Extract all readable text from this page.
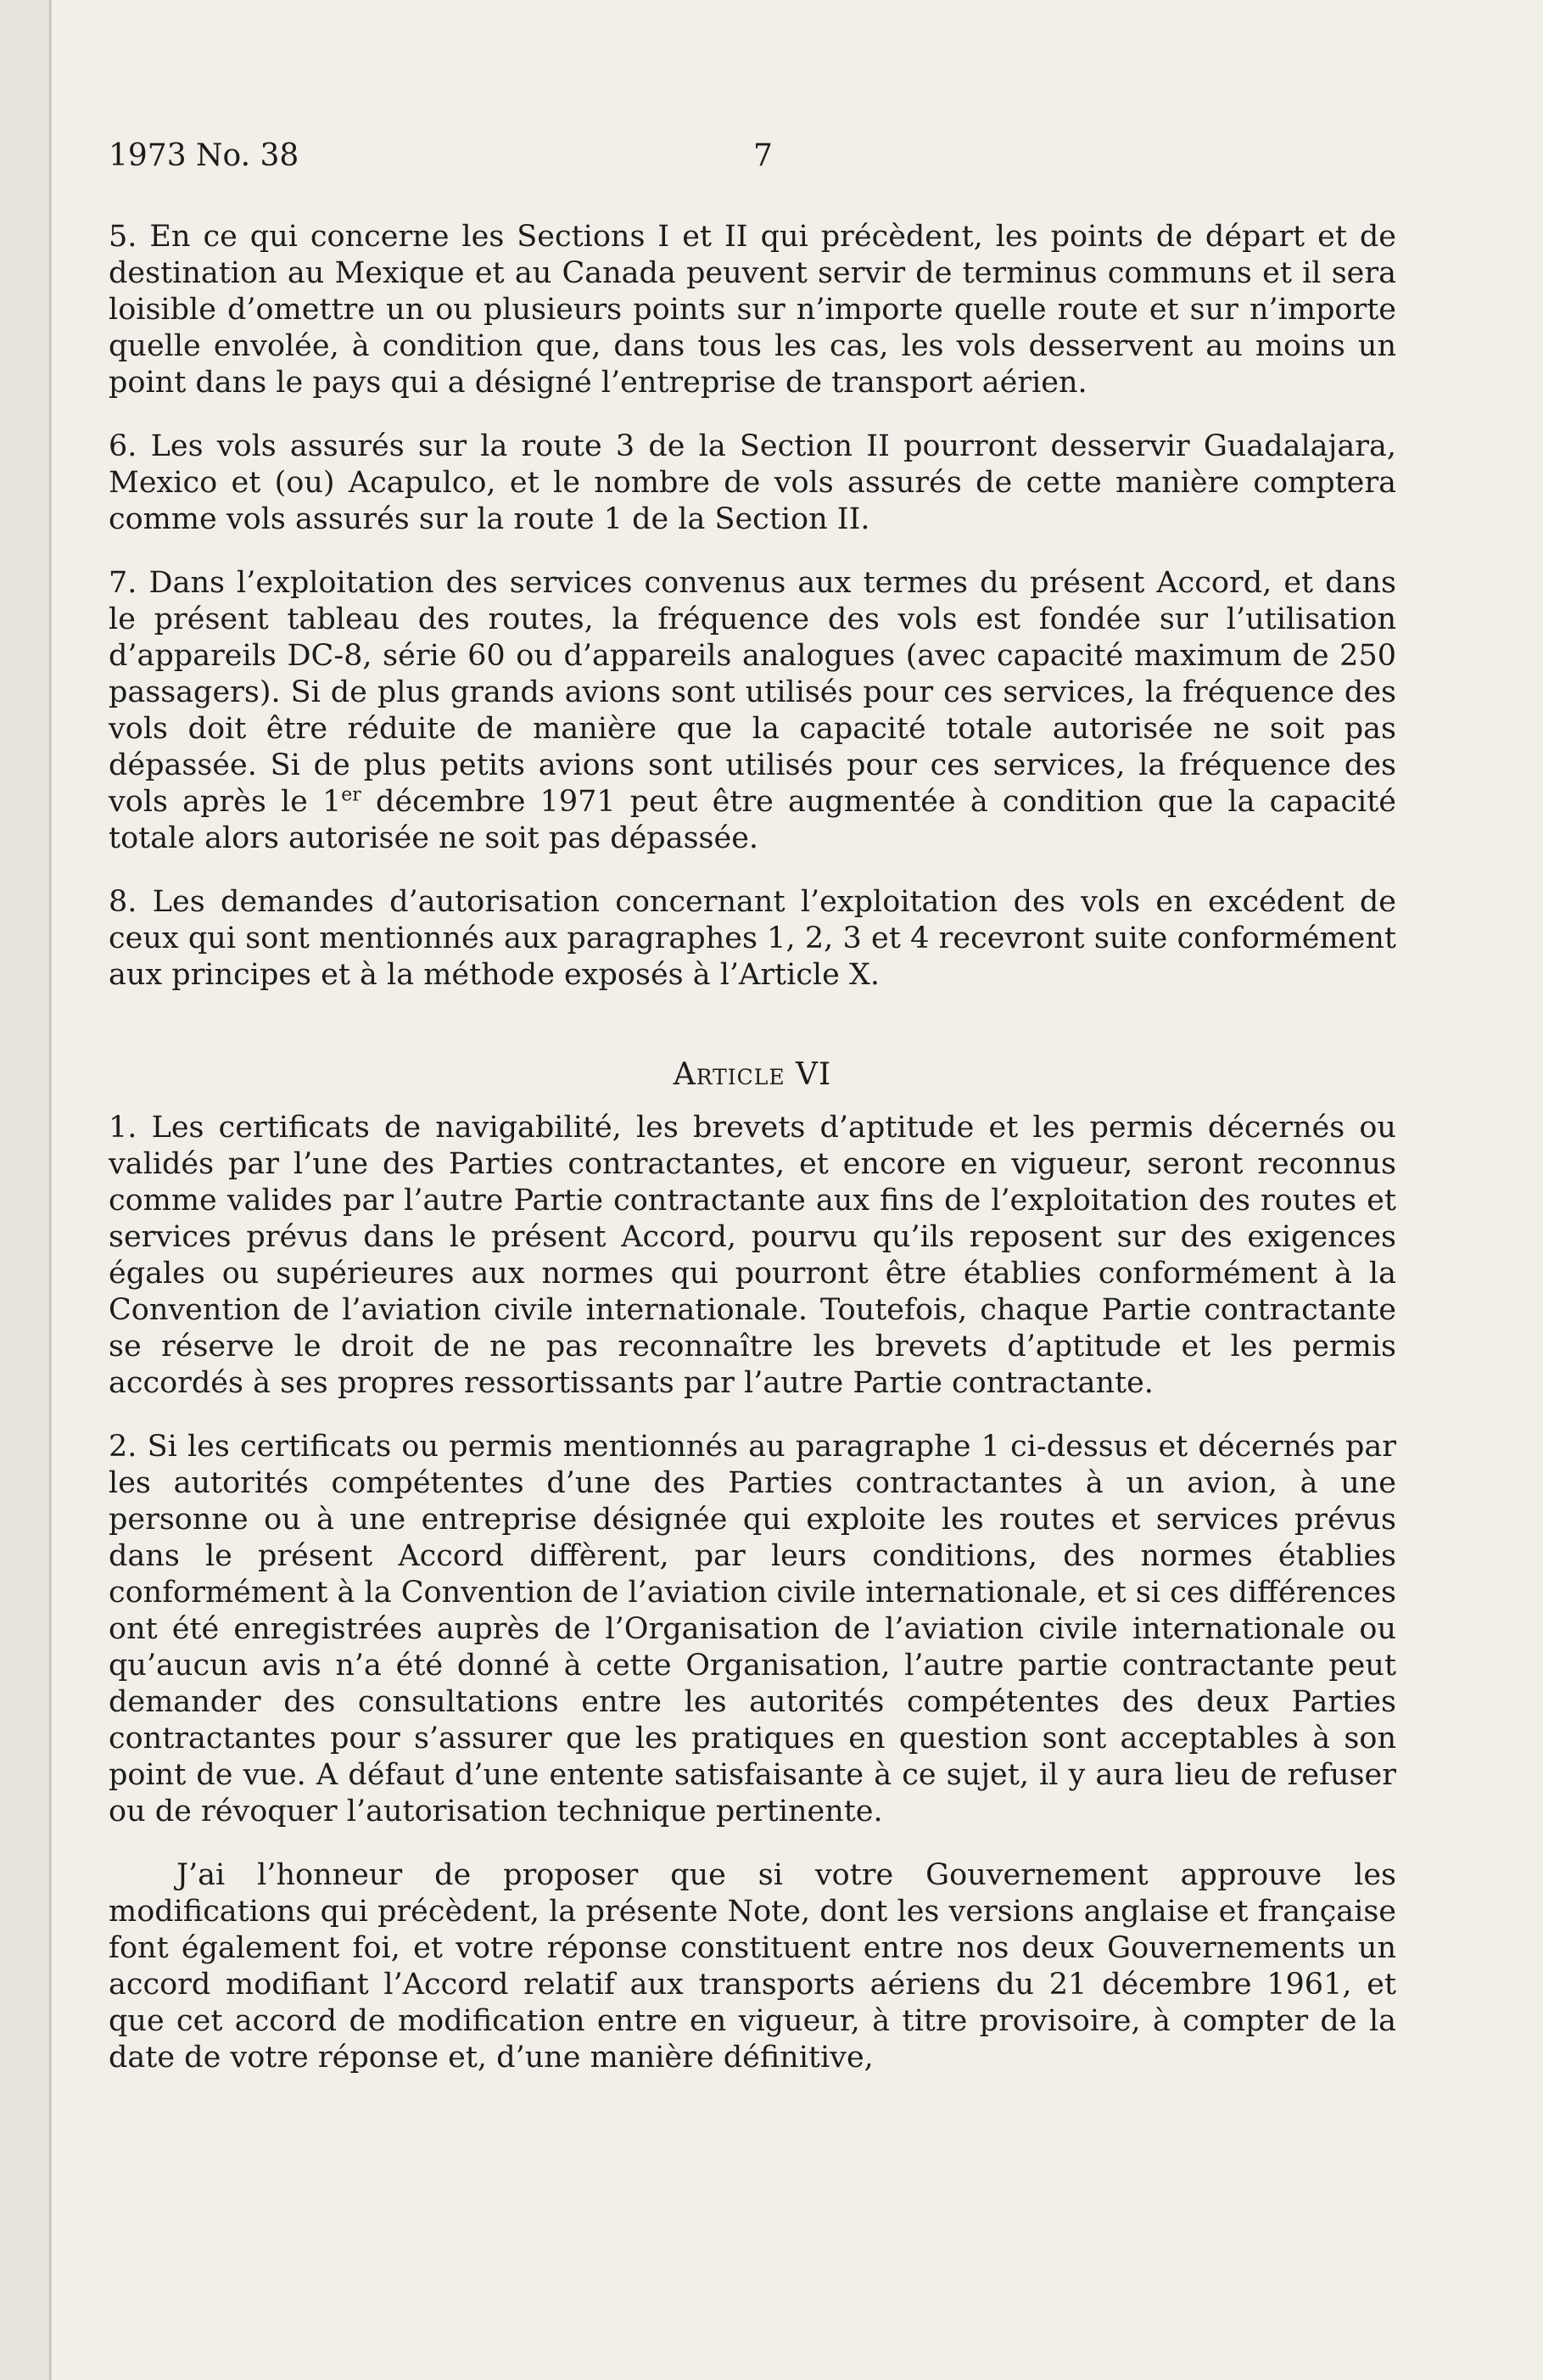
1973 No. 38	7

5. En ce qui concerne les Sections I et II qui précèdent, les points de départ et de destination au Mexique et au Canada peuvent servir de terminus communs et il sera loisible d’omettre un ou plusieurs points sur n’importe quelle route et sur n’importe quelle envolée, à condition que, dans tous les cas, les vols desservent au moins un point dans le pays qui a désigné l’entreprise de transport aérien.

6. Les vols assurés sur la route 3 de la Section II pourront desservir Guadalajara, Mexico et (ou) Acapulco, et le nombre de vols assurés de cette manière comptera comme vols assurés sur la route 1 de la Section II.

7. Dans l’exploitation des services convenus aux termes du présent Accord, et dans le présent tableau des routes, la fréquence des vols est fondée sur l’utilisation d’appareils DC-8, série 60 ou d’appareils analogues (avec capacité maximum de 250 passagers). Si de plus grands avions sont utilisés pour ces services, la fréquence des vols doit être réduite de manière que la capacité totale autorisée ne soit pas dépassée. Si de plus petits avions sont utilisés pour ces services, la fréquence des vols après le 1er décembre 1971 peut être augmentée à condition que la capacité totale alors autorisée ne soit pas dépassée.

8. Les demandes d’autorisation concernant l’exploitation des vols en excédent de ceux qui sont mentionnés aux paragraphes 1, 2, 3 et 4 recevront suite conformément aux principes et à la méthode exposés à l’Article X.

Article VI

1. Les certificats de navigabilité, les brevets d’aptitude et les permis décernés ou validés par l’une des Parties contractantes, et encore en vigueur, seront reconnus comme valides par l’autre Partie contractante aux fins de l’exploitation des routes et services prévus dans le présent Accord, pourvu qu’ils reposent sur des exigences égales ou supérieures aux normes qui pourront être établies conformément à la Convention de l’aviation civile internationale. Toutefois, chaque Partie contractante se réserve le droit de ne pas reconnaître les brevets d’aptitude et les permis accordés à ses propres ressortissants par l’autre Partie contractante.

2. Si les certificats ou permis mentionnés au paragraphe 1 ci-dessus et décernés par les autorités compétentes d’une des Parties contractantes à un avion, à une personne ou à une entreprise désignée qui exploite les routes et services prévus dans le présent Accord diffèrent, par leurs conditions, des normes établies conformément à la Convention de l’aviation civile internationale, et si ces différences ont été enregistrées auprès de l’Organisation de l’aviation civile internationale ou qu’aucun avis n’a été donné à cette Organisation, l’autre partie contractante peut demander des consultations entre les autorités compétentes des deux Parties contractantes pour s’assurer que les pratiques en question sont acceptables à son point de vue. A défaut d’une entente satisfaisante à ce sujet, il y aura lieu de refuser ou de révoquer l’autorisation technique pertinente.

J’ai l’honneur de proposer que si votre Gouvernement approuve les modifications qui précèdent, la présente Note, dont les versions anglaise et française font également foi, et votre réponse constituent entre nos deux Gouvernements un accord modifiant l’Accord relatif aux transports aériens du 21 décembre 1961, et que cet accord de modification entre en vigueur, à titre provisoire, à compter de la date de votre réponse et, d’une manière définitive,
